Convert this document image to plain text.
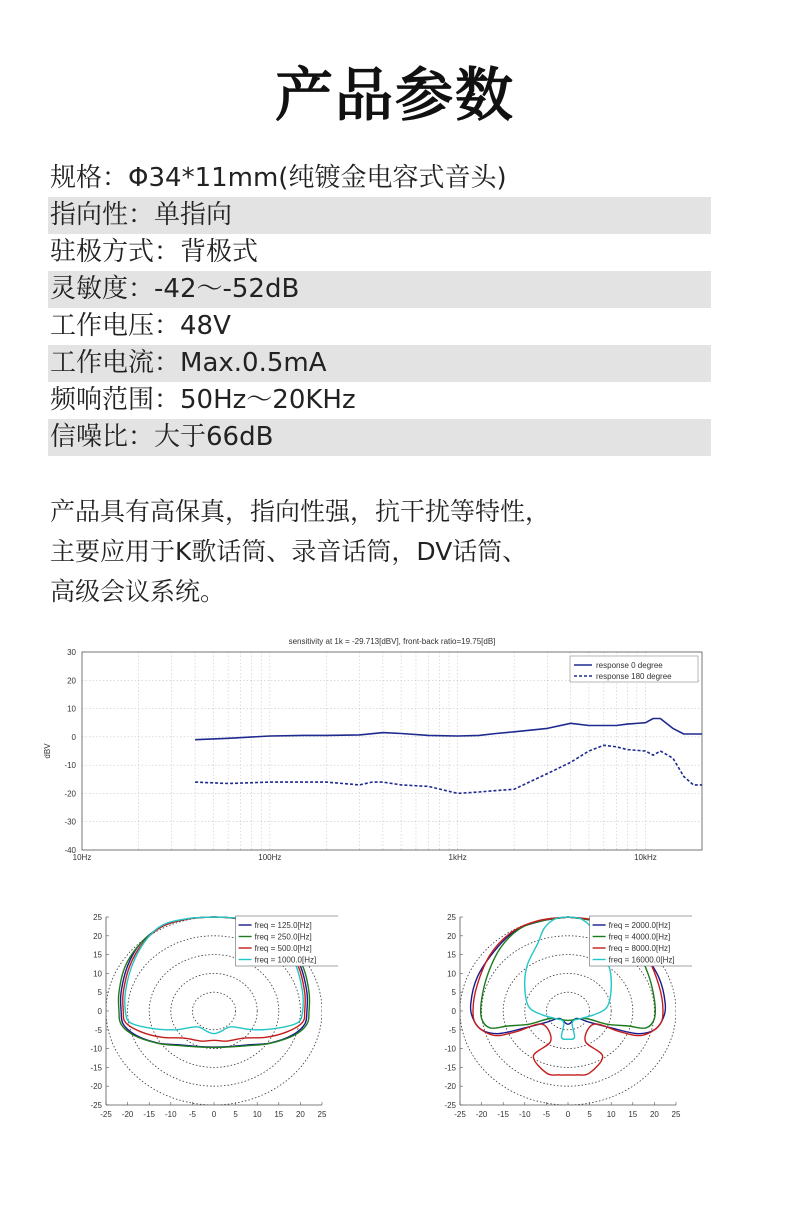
产品参数
规格：Φ34*11mm(纯镀金电容式音头)
指向性：单指向
驻极方式：背极式
灵敏度：-42～-52dB
工作电压：48V
工作电流：Max.0.5mA
频响范围：50Hz～20KHz
信噪比：大于66dB
产品具有高保真，指向性强，抗干扰等特性，
主要应用于K歌话筒、录音话筒，DV话筒、
高级会议系统。
sensitivity at 1k = -29.713[dBV], front-back ratio=19.75[dB]
dBV
30
20
10
0
-10
-20
-30
-40
10Hz	100Hz	1kHz	10kHz
response 0 degree
response 180 degree
25
20
15
10
5
0
-5
-10
-15
-20
-25
-25 -20 -15 -10 -5 0 5 10 15 20 25
freq = 125.0[Hz]
freq = 250.0[Hz]
freq = 500.0[Hz]
freq = 1000.0[Hz]
25
20
15
10
5
0
-5
-10
-15
-20
-25
-25 -20 -15 -10 -5 0 5 10 15 20 25
freq = 2000.0[Hz]
freq = 4000.0[Hz]
freq = 8000.0[Hz]
freq = 16000.0[Hz]
